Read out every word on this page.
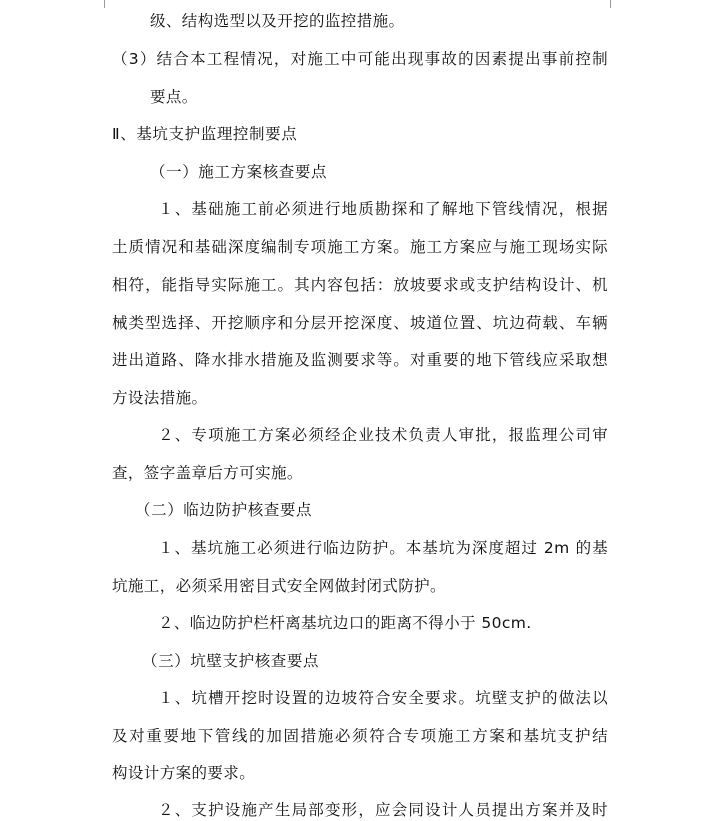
级、结构选型以及开挖的监控措施。

（3）结合本工程情况，对施工中可能出现事故的因素提出事前控制

要点。

Ⅱ、基坑支护监理控制要点

（一）施工方案核查要点

１、基础施工前必须进行地质勘探和了解地下管线情况，根据

土质情况和基础深度编制专项施工方案。施工方案应与施工现场实际

相符，能指导实际施工。其内容包括：放坡要求或支护结构设计、机

械类型选择、开挖顺序和分层开挖深度、坡道位置、坑边荷载、车辆

进出道路、降水排水措施及监测要求等。对重要的地下管线应采取想

方设法措施。

２、专项施工方案必须经企业技术负责人审批，报监理公司审

查，签字盖章后方可实施。

（二）临边防护核查要点

１、基坑施工必须进行临边防护。本基坑为深度超过 2m 的基

坑施工，必须采用密目式安全网做封闭式防护。

２、临边防护栏杆离基坑边口的距离不得小于 50cm.

（三）坑壁支护核查要点

１、坑槽开挖时设置的边坡符合安全要求。坑壁支护的做法以

及对重要地下管线的加固措施必须符合专项施工方案和基坑支护结

构设计方案的要求。

２、支护设施产生局部变形，应会同设计人员提出方案并及时
